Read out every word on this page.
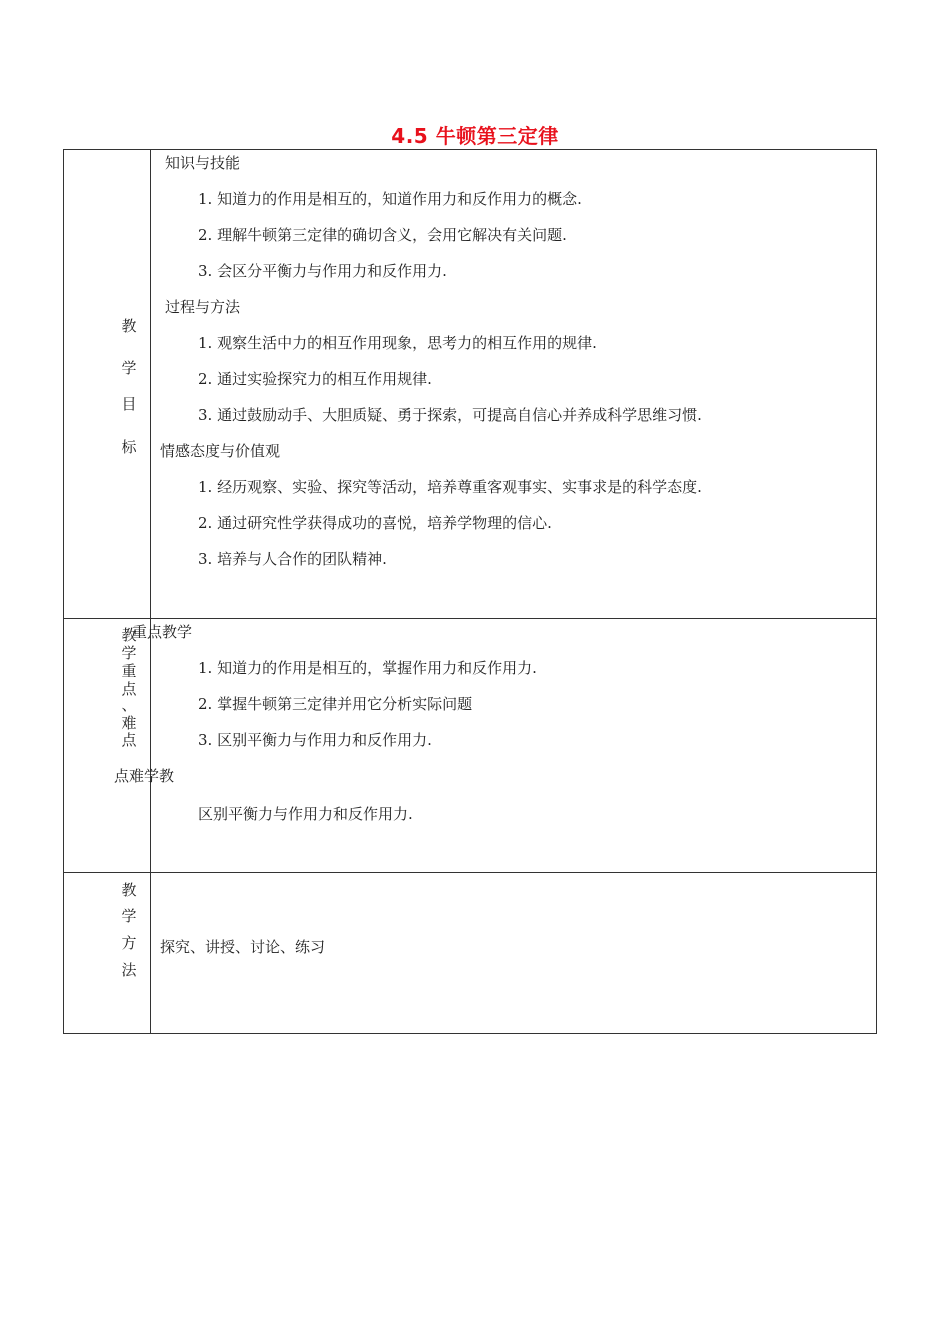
4.5 牛顿第三定律
教
学
目
标
知识与技能
1. 知道力的作用是相互的，知道作用力和反作用力的概念.
2. 理解牛顿第三定律的确切含义，会用它解决有关问题.
3. 会区分平衡力与作用力和反作用力.
过程与方法
1. 观察生活中力的相互作用现象，思考力的相互作用的规律.
2. 通过实验探究力的相互作用规律.
3. 通过鼓励动手、大胆质疑、勇于探索，可提高自信心并养成科学思维习惯.
情感态度与价值观
1. 经历观察、实验、探究等活动，培养尊重客观事实、实事求是的科学态度.
2. 通过研究性学获得成功的喜悦，培养学物理的信心.
3. 培养与人合作的团队精神.
教
学
重
点
、
难
点
重点教学
1. 知道力的作用是相互的，掌握作用力和反作用力.
2. 掌握牛顿第三定律并用它分析实际问题
3. 区别平衡力与作用力和反作用力.
点难学教
区别平衡力与作用力和反作用力.
教
学
方
法
探究、讲授、讨论、练习
